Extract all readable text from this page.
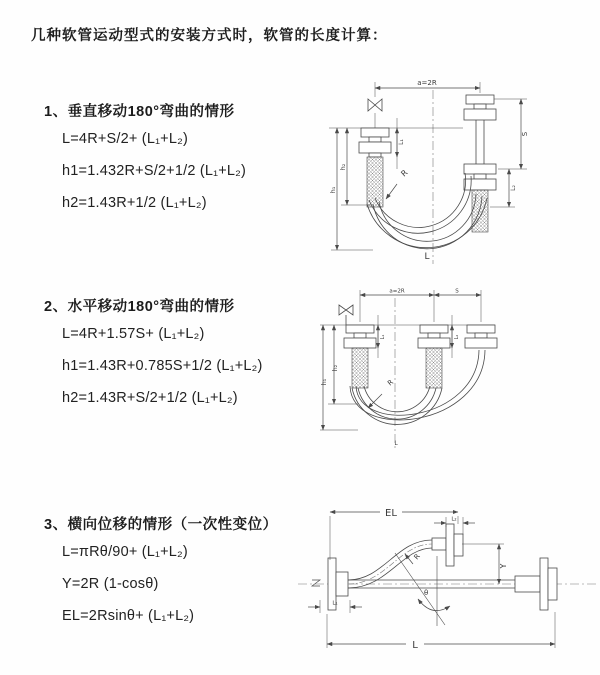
几种软管运动型式的安装方式时，软管的长度计算：
1、垂直移动180°弯曲的情形
L=4R+S/2+ (L₁+L₂)
h1=1.432R+S/2+1/2 (L₁+L₂)
h2=1.43R+1/2 (L₁+L₂)
2、水平移动180°弯曲的情形
L=4R+1.57S+ (L₁+L₂)
h1=1.43R+0.785S+1/2 (L₁+L₂)
h2=1.43R+S/2+1/2 (L₁+L₂)
3、横向位移的情形（一次性变位）
L=πRθ/90+ (L₁+L₂)
Y=2R (1-cosθ)
EL=2Rsinθ+ (L₁+L₂)
a=2R
L₁
S
L₂
h₁
h₂
R
L
a=2R	S
L₁	L₂
h₁
h₂
R
L
EL
L₂
Y
θ
R
L
L₁
